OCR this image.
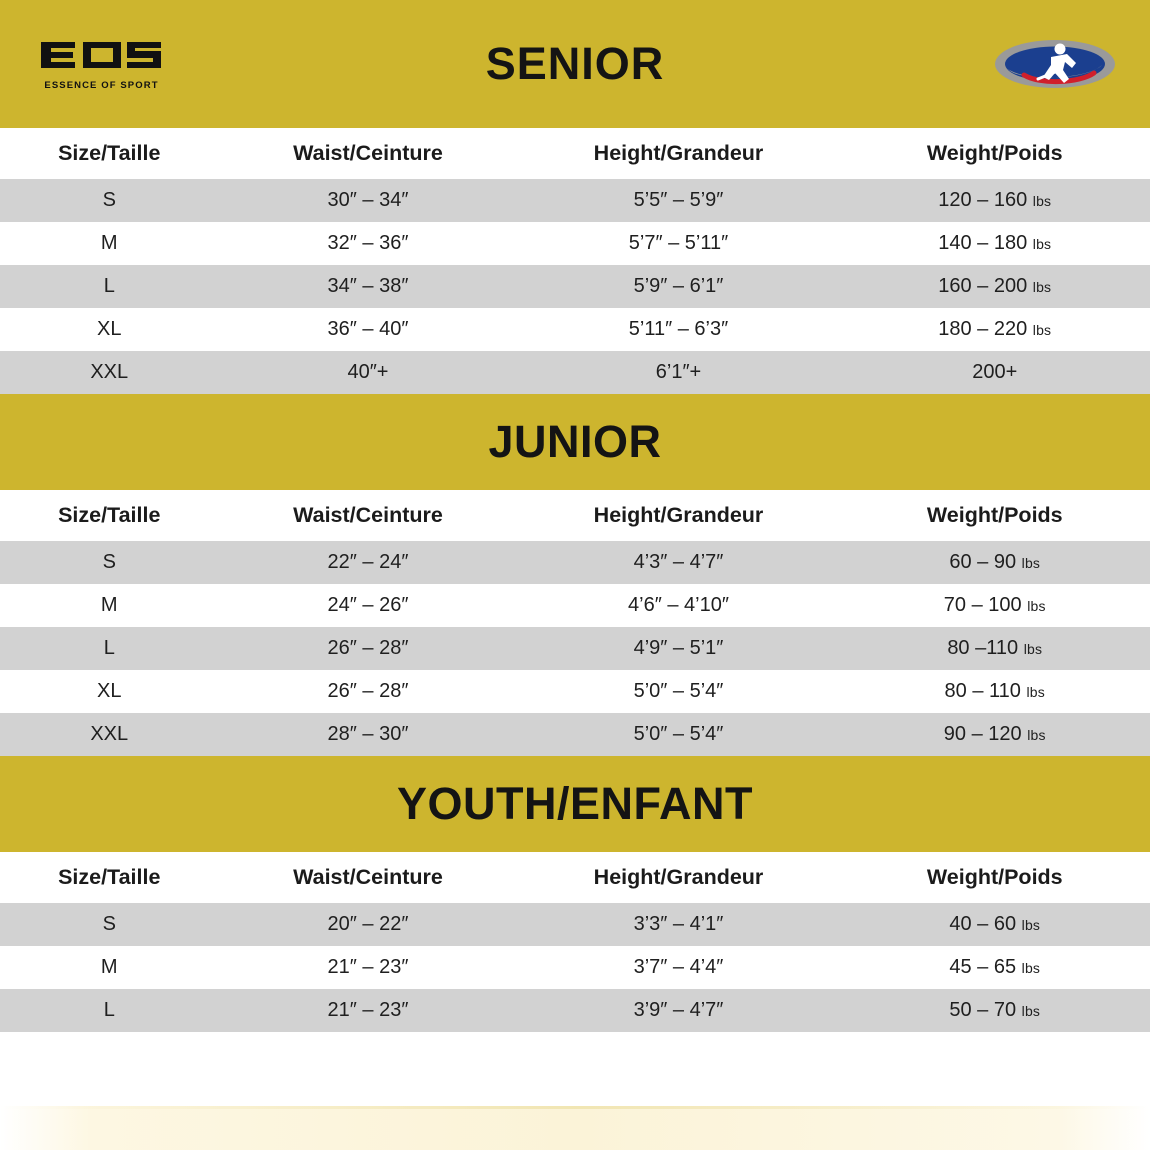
ESSENCE OF SPORT	SENIOR
Size/Taille	Waist/Ceinture	Height/Grandeur	Weight/Poids
S	30″ – 34″	5’5″ – 5’9″	120 – 160 lbs
M	32″ – 36″	5’7″ – 5’11″	140 – 180 lbs
L	34″ – 38″	5’9″ – 6’1″	160 – 200 lbs
XL	36″ – 40″	5’11″ – 6’3″	180 – 220 lbs
XXL	40″+	6’1″+	200+
JUNIOR
Size/Taille	Waist/Ceinture	Height/Grandeur	Weight/Poids
S	22″ – 24″	4’3″ – 4’7″	60 – 90 lbs
M	24″ – 26″	4’6″ – 4’10″	70 – 100 lbs
L	26″ – 28″	4’9″ – 5’1″	80 –110 lbs
XL	26″ – 28″	5’0″ – 5’4″	80 – 110 lbs
XXL	28″ – 30″	5’0″ – 5’4″	90 – 120 lbs
YOUTH/ENFANT
Size/Taille	Waist/Ceinture	Height/Grandeur	Weight/Poids
S	20″ – 22″	3’3″ – 4’1″	40 – 60 lbs
M	21″ – 23″	3’7″ – 4’4″	45 – 65 lbs
L	21″ – 23″	3’9″ – 4’7″	50 – 70 lbs
